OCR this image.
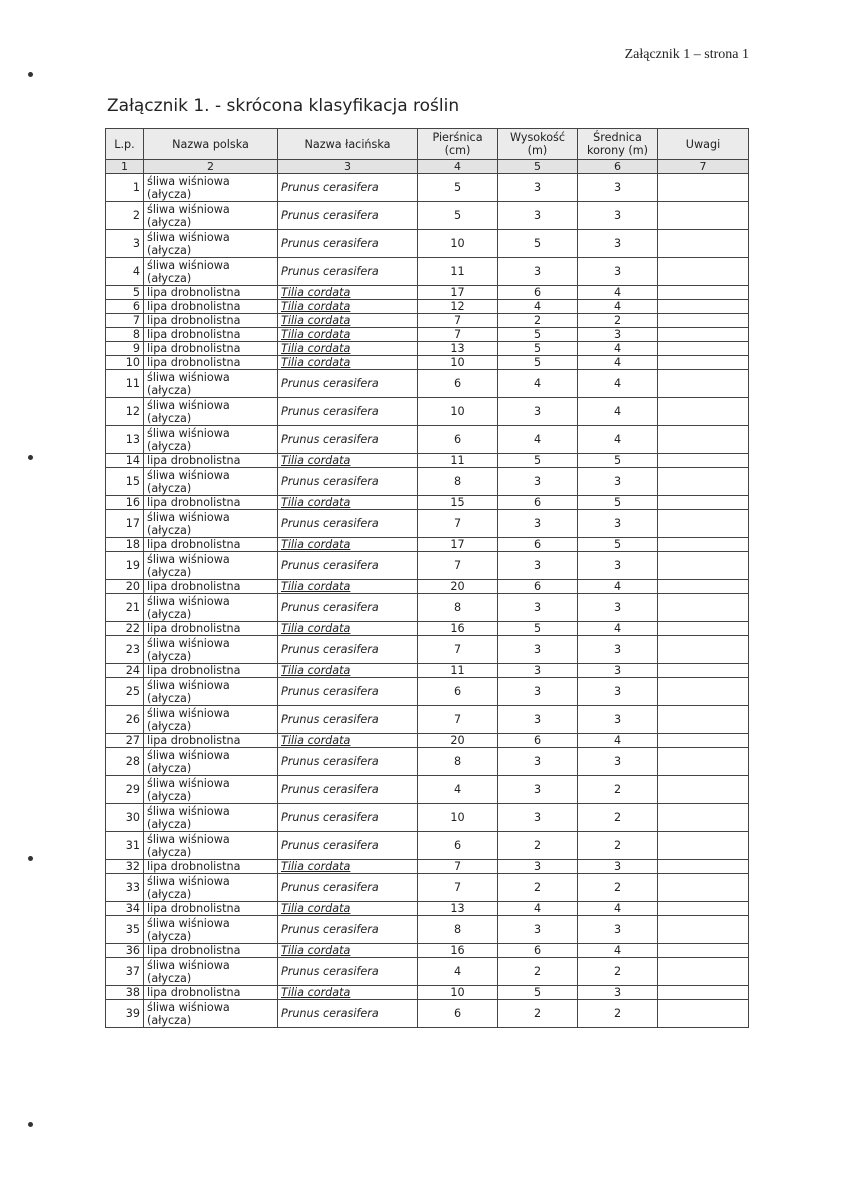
Załącznik 1 – strona 1
Załącznik 1. - skrócona klasyfikacja roślin
L.p.	Nazwa polska	Nazwa łacińska	Pierśnica (cm)	Wysokość (m)	Średnica korony (m)	Uwagi
1	2	3	4	5	6	7
1	śliwa wiśniowa (ałycza)	Prunus cerasifera	5	3	3	
2	śliwa wiśniowa (ałycza)	Prunus cerasifera	5	3	3	
3	śliwa wiśniowa (ałycza)	Prunus cerasifera	10	5	3	
4	śliwa wiśniowa (ałycza)	Prunus cerasifera	11	3	3	
5	lipa drobnolistna	Tilia cordata	17	6	4	
6	lipa drobnolistna	Tilia cordata	12	4	4	
7	lipa drobnolistna	Tilia cordata	7	2	2	
8	lipa drobnolistna	Tilia cordata	7	5	3	
9	lipa drobnolistna	Tilia cordata	13	5	4	
10	lipa drobnolistna	Tilia cordata	10	5	4	
11	śliwa wiśniowa (ałycza)	Prunus cerasifera	6	4	4	
12	śliwa wiśniowa (ałycza)	Prunus cerasifera	10	3	4	
13	śliwa wiśniowa (ałycza)	Prunus cerasifera	6	4	4	
14	lipa drobnolistna	Tilia cordata	11	5	5	
15	śliwa wiśniowa (ałycza)	Prunus cerasifera	8	3	3	
16	lipa drobnolistna	Tilia cordata	15	6	5	
17	śliwa wiśniowa (ałycza)	Prunus cerasifera	7	3	3	
18	lipa drobnolistna	Tilia cordata	17	6	5	
19	śliwa wiśniowa (ałycza)	Prunus cerasifera	7	3	3	
20	lipa drobnolistna	Tilia cordata	20	6	4	
21	śliwa wiśniowa (ałycza)	Prunus cerasifera	8	3	3	
22	lipa drobnolistna	Tilia cordata	16	5	4	
23	śliwa wiśniowa (ałycza)	Prunus cerasifera	7	3	3	
24	lipa drobnolistna	Tilia cordata	11	3	3	
25	śliwa wiśniowa (ałycza)	Prunus cerasifera	6	3	3	
26	śliwa wiśniowa (ałycza)	Prunus cerasifera	7	3	3	
27	lipa drobnolistna	Tilia cordata	20	6	4	
28	śliwa wiśniowa (ałycza)	Prunus cerasifera	8	3	3	
29	śliwa wiśniowa (ałycza)	Prunus cerasifera	4	3	2	
30	śliwa wiśniowa (ałycza)	Prunus cerasifera	10	3	2	
31	śliwa wiśniowa (ałycza)	Prunus cerasifera	6	2	2	
32	lipa drobnolistna	Tilia cordata	7	3	3	
33	śliwa wiśniowa (ałycza)	Prunus cerasifera	7	2	2	
34	lipa drobnolistna	Tilia cordata	13	4	4	
35	śliwa wiśniowa (ałycza)	Prunus cerasifera	8	3	3	
36	lipa drobnolistna	Tilia cordata	16	6	4	
37	śliwa wiśniowa (ałycza)	Prunus cerasifera	4	2	2	
38	lipa drobnolistna	Tilia cordata	10	5	3	
39	śliwa wiśniowa (ałycza)	Prunus cerasifera	6	2	2	
